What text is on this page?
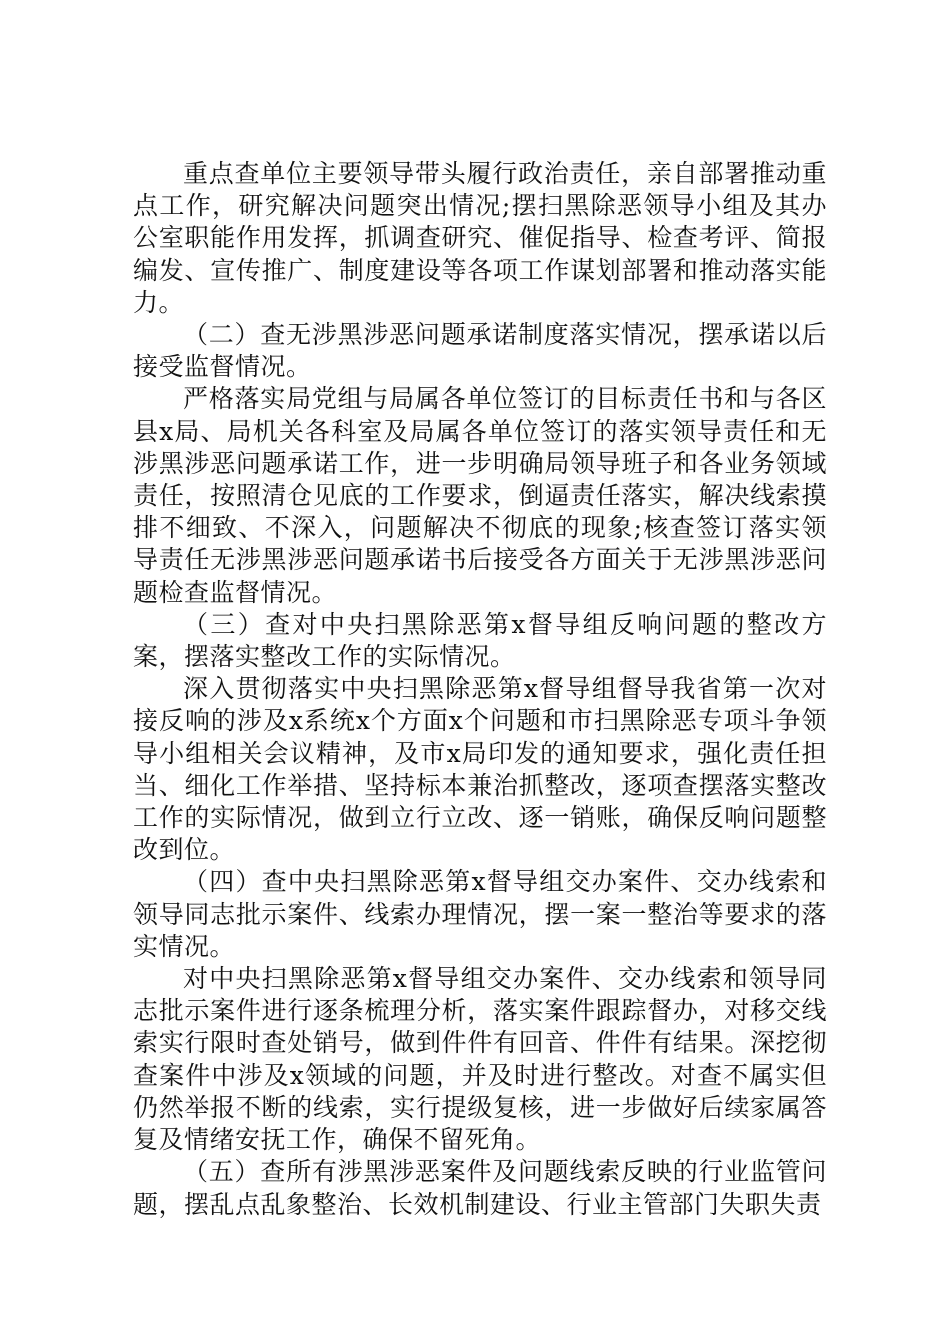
重点查单位主要领导带头履行政治责任，亲自部署推动重点工作，研究解决问题突出情况;摆扫黑除恶领导小组及其办公室职能作用发挥，抓调查研究、催促指导、检查考评、简报编发、宣传推广、制度建设等各项工作谋划部署和推动落实能力。

（二）查无涉黑涉恶问题承诺制度落实情况，摆承诺以后接受监督情况。

严格落实局党组与局属各单位签订的目标责任书和与各区县x局、局机关各科室及局属各单位签订的落实领导责任和无涉黑涉恶问题承诺工作，进一步明确局领导班子和各业务领域责任，按照清仓见底的工作要求，倒逼责任落实，解决线索摸排不细致、不深入，问题解决不彻底的现象;核查签订落实领导责任无涉黑涉恶问题承诺书后接受各方面关于无涉黑涉恶问题检查监督情况。

（三）查对中央扫黑除恶第x督导组反响问题的整改方案，摆落实整改工作的实际情况。

深入贯彻落实中央扫黑除恶第x督导组督导我省第一次对接反响的涉及x系统x个方面x个问题和市扫黑除恶专项斗争领导小组相关会议精神，及市x局印发的通知要求，强化责任担当、细化工作举措、坚持标本兼治抓整改，逐项查摆落实整改工作的实际情况，做到立行立改、逐一销账，确保反响问题整改到位。

（四）查中央扫黑除恶第x督导组交办案件、交办线索和领导同志批示案件、线索办理情况，摆一案一整治等要求的落实情况。

对中央扫黑除恶第x督导组交办案件、交办线索和领导同志批示案件进行逐条梳理分析，落实案件跟踪督办，对移交线索实行限时查处销号，做到件件有回音、件件有结果。深挖彻查案件中涉及x领域的问题，并及时进行整改。对查不属实但仍然举报不断的线索，实行提级复核，进一步做好后续家属答复及情绪安抚工作，确保不留死角。

（五）查所有涉黑涉恶案件及问题线索反映的行业监管问题，摆乱点乱象整治、长效机制建设、行业主管部门失职失责
